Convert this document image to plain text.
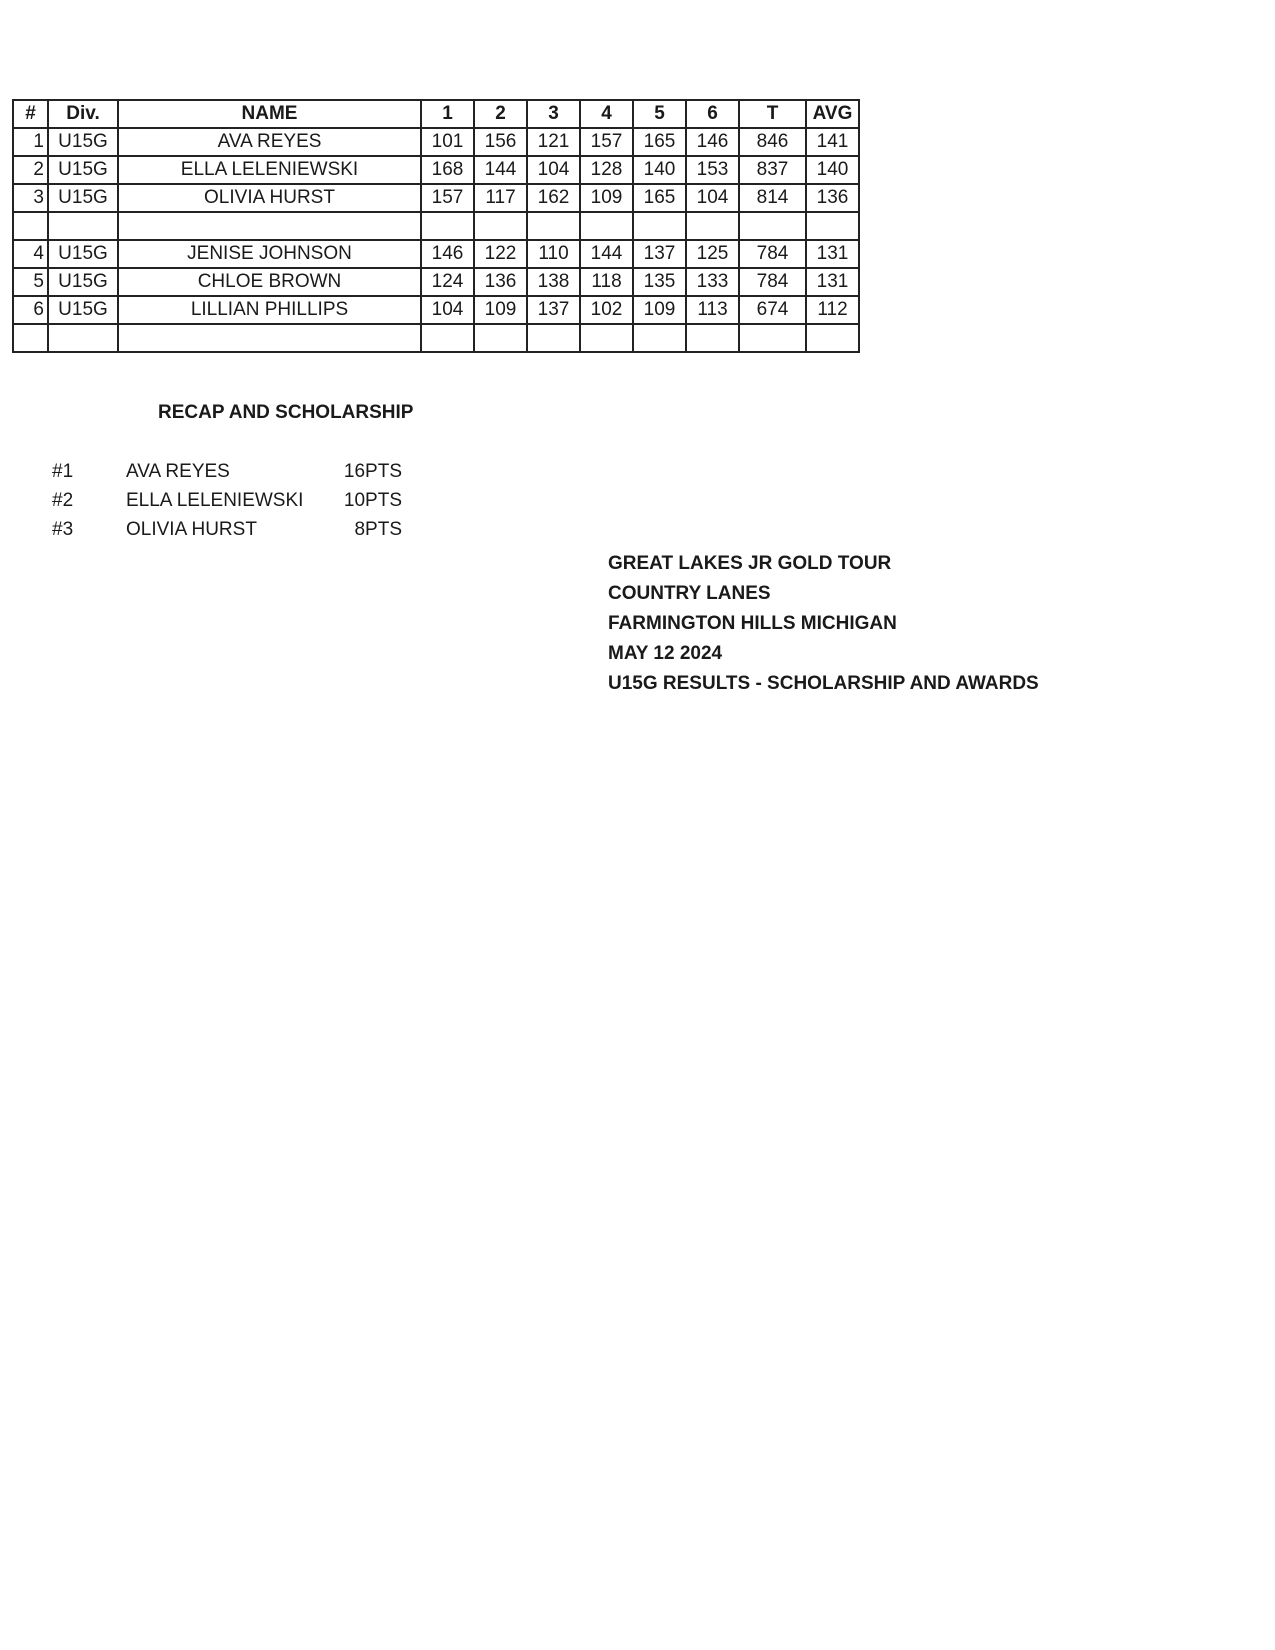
#	Div.	NAME	1	2	3	4	5	6	T	AVG
1	U15G	AVA REYES	101	156	121	157	165	146	846	141
2	U15G	ELLA LELENIEWSKI	168	144	104	128	140	153	837	140
3	U15G	OLIVIA HURST	157	117	162	109	165	104	814	136

4	U15G	JENISE JOHNSON	146	122	110	144	137	125	784	131
5	U15G	CHLOE BROWN	124	136	138	118	135	133	784	131
6	U15G	LILLIAN PHILLIPS	104	109	137	102	109	113	674	112

RECAP AND SCHOLARSHIP
#1	AVA REYES	16PTS
#2	ELLA LELENIEWSKI	10PTS
#3	OLIVIA HURST	8PTS
GREAT LAKES JR GOLD TOUR
COUNTRY LANES
FARMINGTON HILLS MICHIGAN
MAY 12 2024
U15G RESULTS - SCHOLARSHIP AND AWARDS
